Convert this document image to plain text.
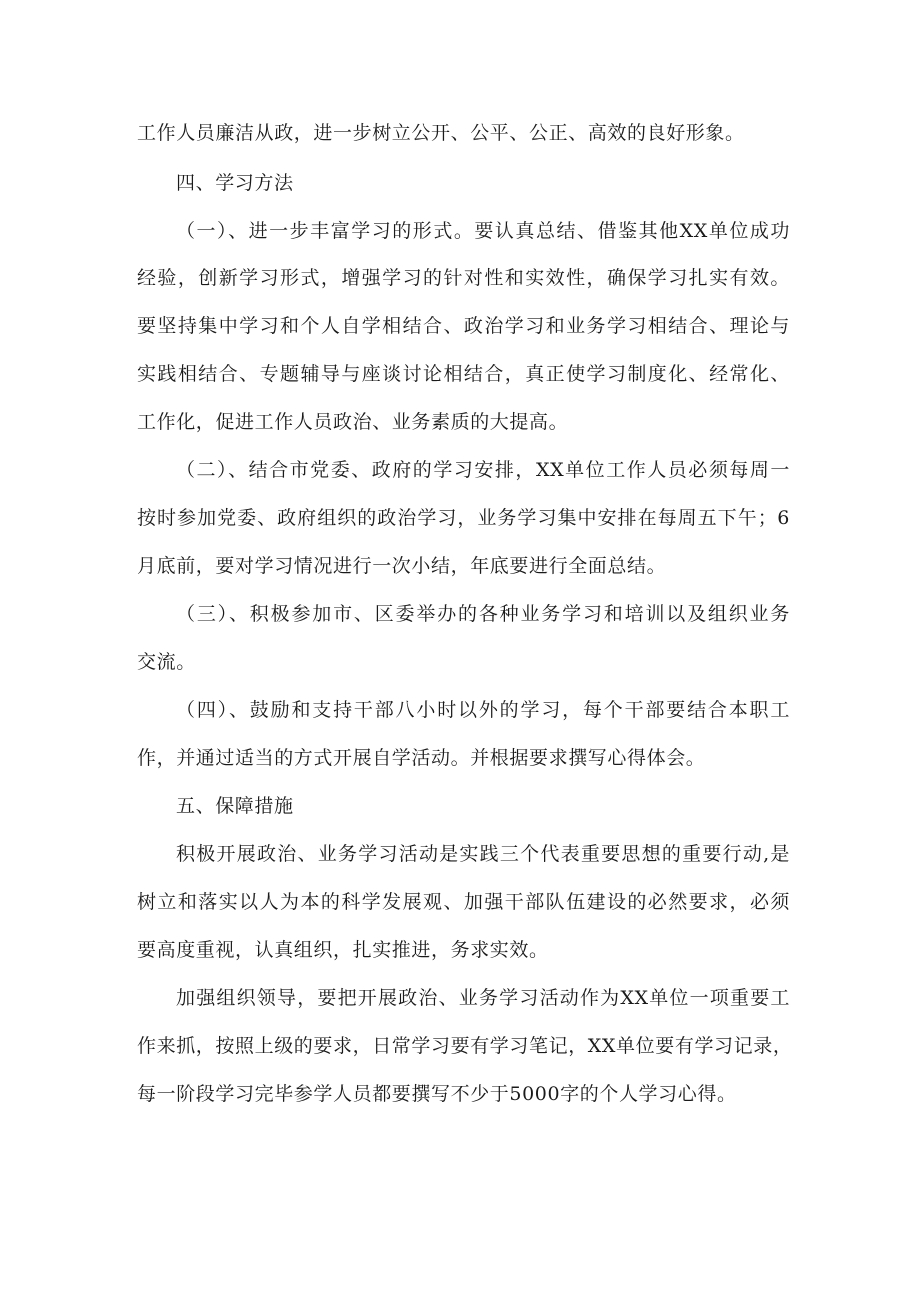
工作人员廉洁从政，进一步树立公开、公平、公正、高效的良好形象。
四、学习方法
（一）、进一步丰富学习的形式。要认真总结、借鉴其他XX单位成功
经验，创新学习形式，增强学习的针对性和实效性，确保学习扎实有效。
要坚持集中学习和个人自学相结合、政治学习和业务学习相结合、理论与
实践相结合、专题辅导与座谈讨论相结合，真正使学习制度化、经常化、
工作化，促进工作人员政治、业务素质的大提高。
（二）、结合市党委、政府的学习安排，XX单位工作人员必须每周一
按时参加党委、政府组织的政治学习，业务学习集中安排在每周五下午；6
月底前，要对学习情况进行一次小结，年底要进行全面总结。
（三）、积极参加市、区委举办的各种业务学习和培训以及组织业务
交流。
（四）、鼓励和支持干部八小时以外的学习，每个干部要结合本职工
作，并通过适当的方式开展自学活动。并根据要求撰写心得体会。
五、保障措施
积极开展政治、业务学习活动是实践三个代表重要思想的重要行动,是
树立和落实以人为本的科学发展观、加强干部队伍建设的必然要求，必须
要高度重视，认真组织，扎实推进，务求实效。
加强组织领导，要把开展政治、业务学习活动作为XX单位一项重要工
作来抓，按照上级的要求，日常学习要有学习笔记，XX单位要有学习记录，
每一阶段学习完毕参学人员都要撰写不少于5000字的个人学习心得。
